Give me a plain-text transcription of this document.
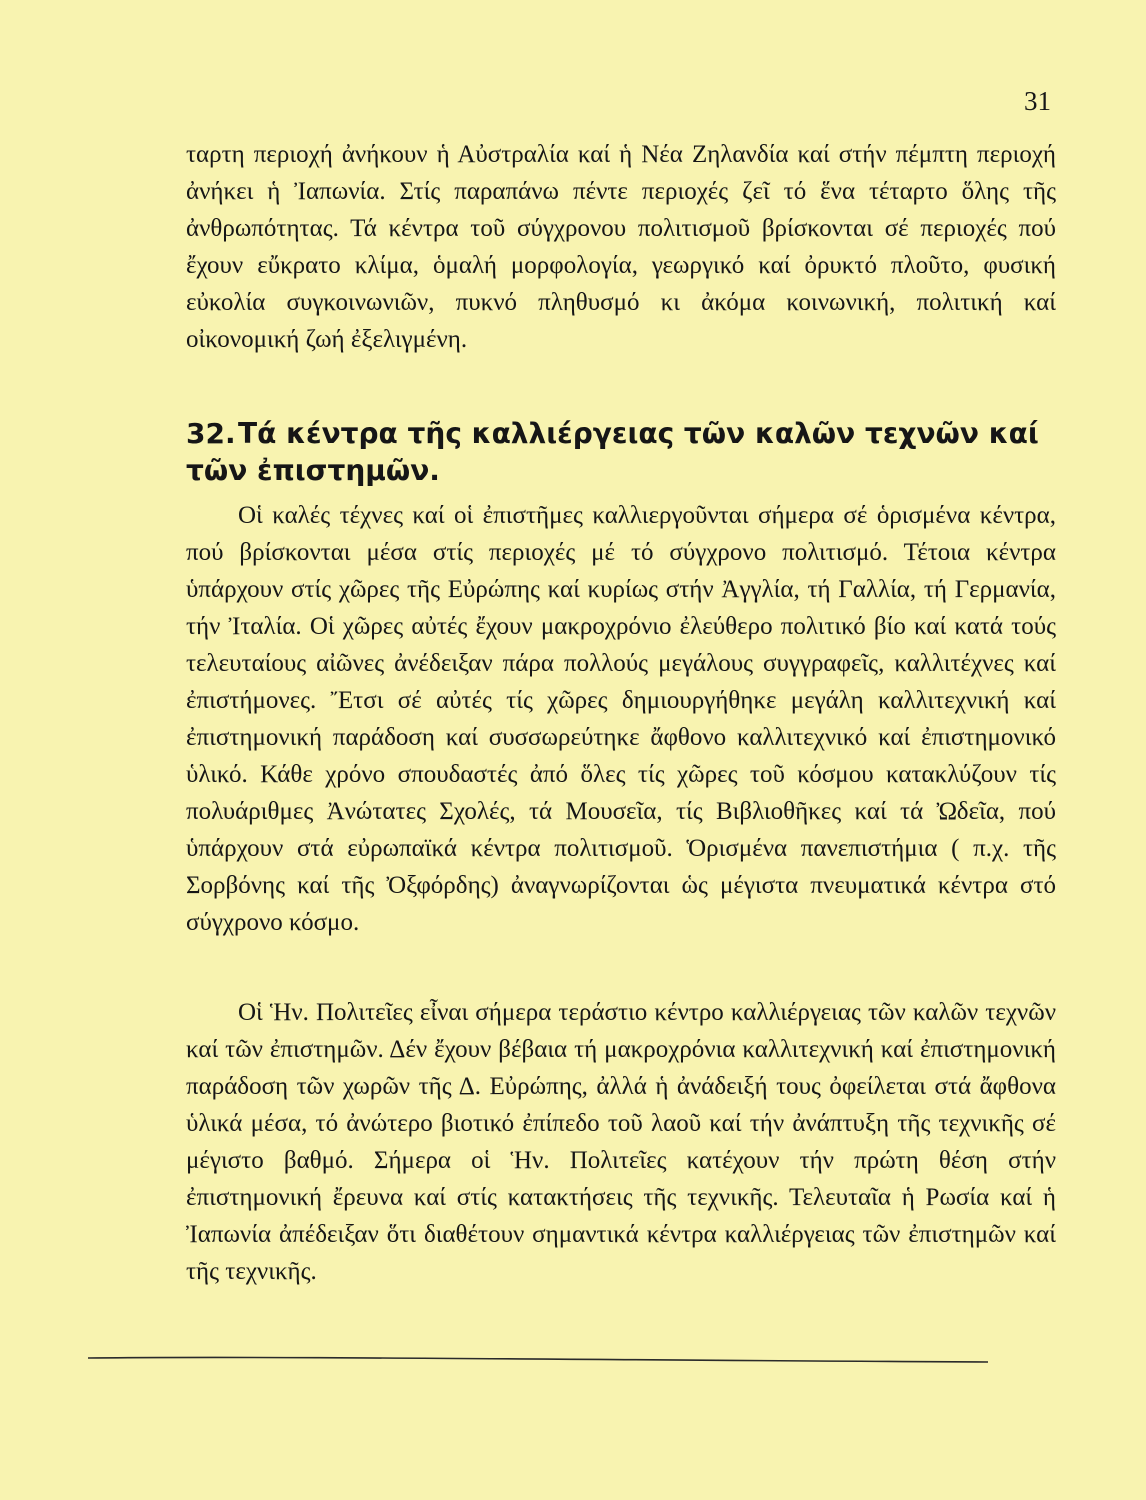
31

ταρτη περιοχή ἀνήκουν ἡ Αὐστραλία καί ἡ Νέα Ζηλανδία καί στήν πέμπτη περιοχή ἀνήκει ἡ Ἰαπωνία. Στίς παραπάνω πέντε περιοχές ζεῖ τό ἕνα τέταρτο ὅλης τῆς ἀνθρωπότητας. Τά κέντρα τοῦ σύγχρονου πολιτισμοῦ βρίσκονται σέ περιοχές πού ἔχουν εὔκρατο κλίμα, ὁμαλή μορφολογία, γεωργικό καί ὀρυκτό πλοῦτο, φυσική εὐκολία συγκοινωνιῶν, πυκνό πληθυσμό κι ἀκόμα κοινωνική, πολιτική καί οἰκονομική ζωή ἐξελιγμένη.

32.Τά κέντρα τῆς καλλιέργειας τῶν καλῶν τεχνῶν καί τῶν ἐπιστημῶν.

Οἱ καλές τέχνες καί οἱ ἐπιστῆμες καλλιεργοῦνται σήμερα σέ ὁρισμένα κέντρα, πού βρίσκονται μέσα στίς περιοχές μέ τό σύγχρονο πολιτισμό. Τέτοια κέντρα ὑπάρχουν στίς χῶρες τῆς Εὐρώπης καί κυρίως στήν Ἀγγλία, τή Γαλλία, τή Γερμανία, τήν Ἰταλία. Οἱ χῶρες αὐτές ἔχουν μακροχρόνιο ἐλεύθερο πολιτικό βίο καί κατά τούς τελευταίους αἰῶνες ἀνέδειξαν πάρα πολλούς μεγάλους συγγραφεῖς, καλλιτέχνες καί ἐπιστήμονες. Ἔτσι σέ αὐτές τίς χῶρες δημιουργήθηκε μεγάλη καλλιτεχνική καί ἐπιστημονική παράδοση καί συσσωρεύτηκε ἄφθονο καλλιτεχνικό καί ἐπιστημονικό ὑλικό. Κάθε χρόνο σπουδαστές ἀπό ὅλες τίς χῶρες τοῦ κόσμου κατακλύζουν τίς πολυάριθμες Ἀνώτατες Σχολές, τά Μουσεῖα, τίς Βιβλιοθῆκες καί τά Ὠδεῖα, πού ὑπάρχουν στά εὐρωπαϊκά κέντρα πολιτισμοῦ. Ὁρισμένα πανεπιστήμια ( π.χ. τῆς Σορβόνης καί τῆς Ὀξφόρδης) ἀναγνωρίζονται ὡς μέγιστα πνευματικά κέντρα στό σύγχρονο κόσμο.

Οἱ Ἡν. Πολιτεῖες εἶναι σήμερα τεράστιο κέντρο καλλιέργειας τῶν καλῶν τεχνῶν καί τῶν ἐπιστημῶν. Δέν ἔχουν βέβαια τή μακροχρόνια καλλιτεχνική καί ἐπιστημονική παράδοση τῶν χωρῶν τῆς Δ. Εὐρώπης, ἀλλά ἡ ἀνάδειξή τους ὀφείλεται στά ἄφθονα ὑλικά μέσα, τό ἀνώτερο βιοτικό ἐπίπεδο τοῦ λαοῦ καί τήν ἀνάπτυξη τῆς τεχνικῆς σέ μέγιστο βαθμό. Σήμερα οἱ Ἡν. Πολιτεῖες κατέχουν τήν πρώτη θέση στήν ἐπιστημονική ἔρευνα καί στίς κατακτήσεις τῆς τεχνικῆς. Τελευταῖα ἡ Ρωσία καί ἡ Ἰαπωνία ἀπέδειξαν ὅτι διαθέτουν σημαντικά κέντρα καλλιέργειας τῶν ἐπιστημῶν καί τῆς τεχνικῆς.
